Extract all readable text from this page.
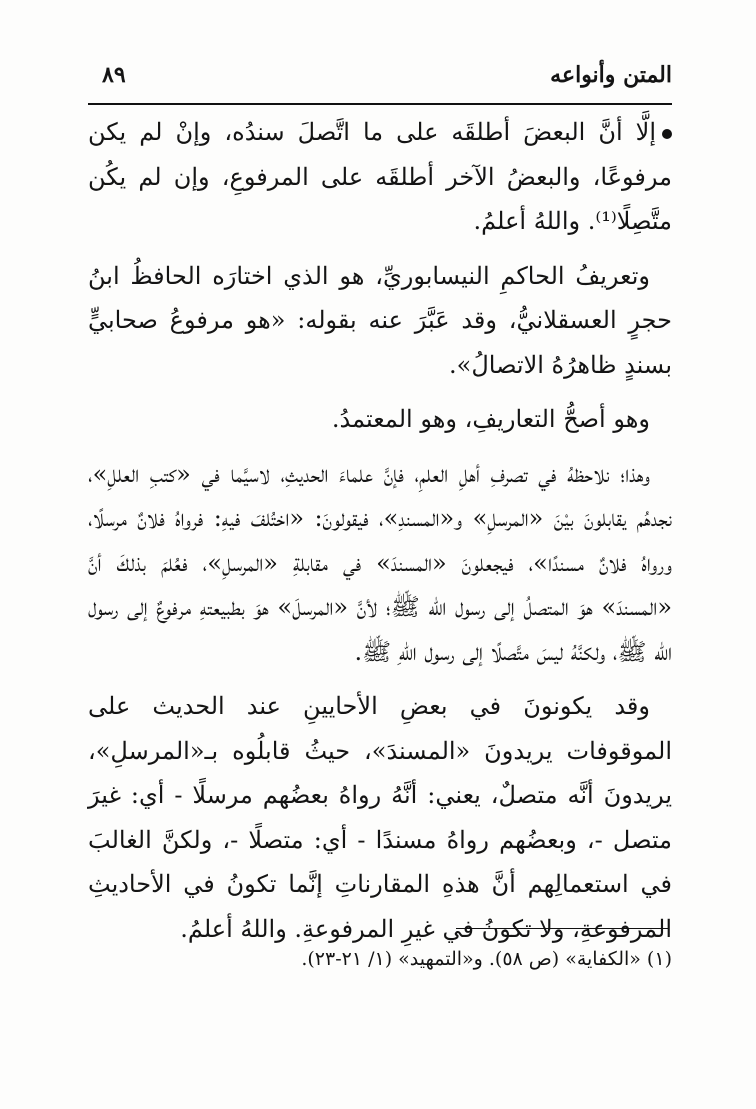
المتن وأنواعه
٨٩

إلَّا أنَّ البعضَ أطلقَه على ما اتَّصلَ سندُه، وإنْ لم يكن مرفوعًا، والبعضُ الآخر أطلقَه على المرفوعِ، وإن لم يكُن متَّصِلًا⁽¹⁾. واللهُ أعلمُ.

وتعريفُ الحاكمِ النيسابوريِّ، هو الذي اختارَه الحافظُ ابنُ حجرٍ العسقلانيُّ، وقد عَبَّرَ عنه بقوله: «هو مرفوعُ صحابيٍّ بسندٍ ظاهرُهُ الاتصالُ».

وهو أصحُّ التعاريفِ، وهو المعتمدُ.

وهذا؛ نلاحظهُ في تصرفِ أهلِ العلمِ، فإنَّ علماءَ الحديثِ، لاسيَّما في «كتبِ العللِ»، نجدهُم يقابلونَ بيْنَ «المرسلِ» و«المسندِ»، فيقولونَ: «اختُلفَ فيهِ: فرواهُ فلانٌ مرسلًا، ورواهُ فلانٌ مسندًا»، فيجعلونَ «المسندَ» في مقابلةِ «المرسلِ»، فعُلمَ بذلكَ أنَّ «المسندَ» هوَ المتصلُ إلى رسول الله ﷺ؛ لأنَّ «المرسلَ» هوَ بطبيعتهِ مرفوعٌ إلى رسول الله ﷺ، ولكنَّهُ ليسَ متَّصلًا إلى رسول اللهِ ﷺ.

وقد يكونونَ في بعضِ الأحايينِ عند الحديث على الموقوفات يريدونَ «المسندَ»، حيثُ قابلُوه بـ«المرسلِ»، يريدونَ أنَّه متصلٌ، يعني: أنَّهُ رواهُ بعضُهم مرسلًا - أي: غيرَ متصل -، وبعضُهم رواهُ مسندًا - أي: متصلًا -، ولكنَّ الغالبَ في استعمالِهم أنَّ هذهِ المقارناتِ إنَّما تكونُ في الأحاديثِ المرفوعةِ، ولا تكونُ في غيرِ المرفوعةِ. واللهُ أعلمُ.

(١) «الكفاية» (ص ٥٨). و«التمهيد» (١/ ٢١-٢٣).
